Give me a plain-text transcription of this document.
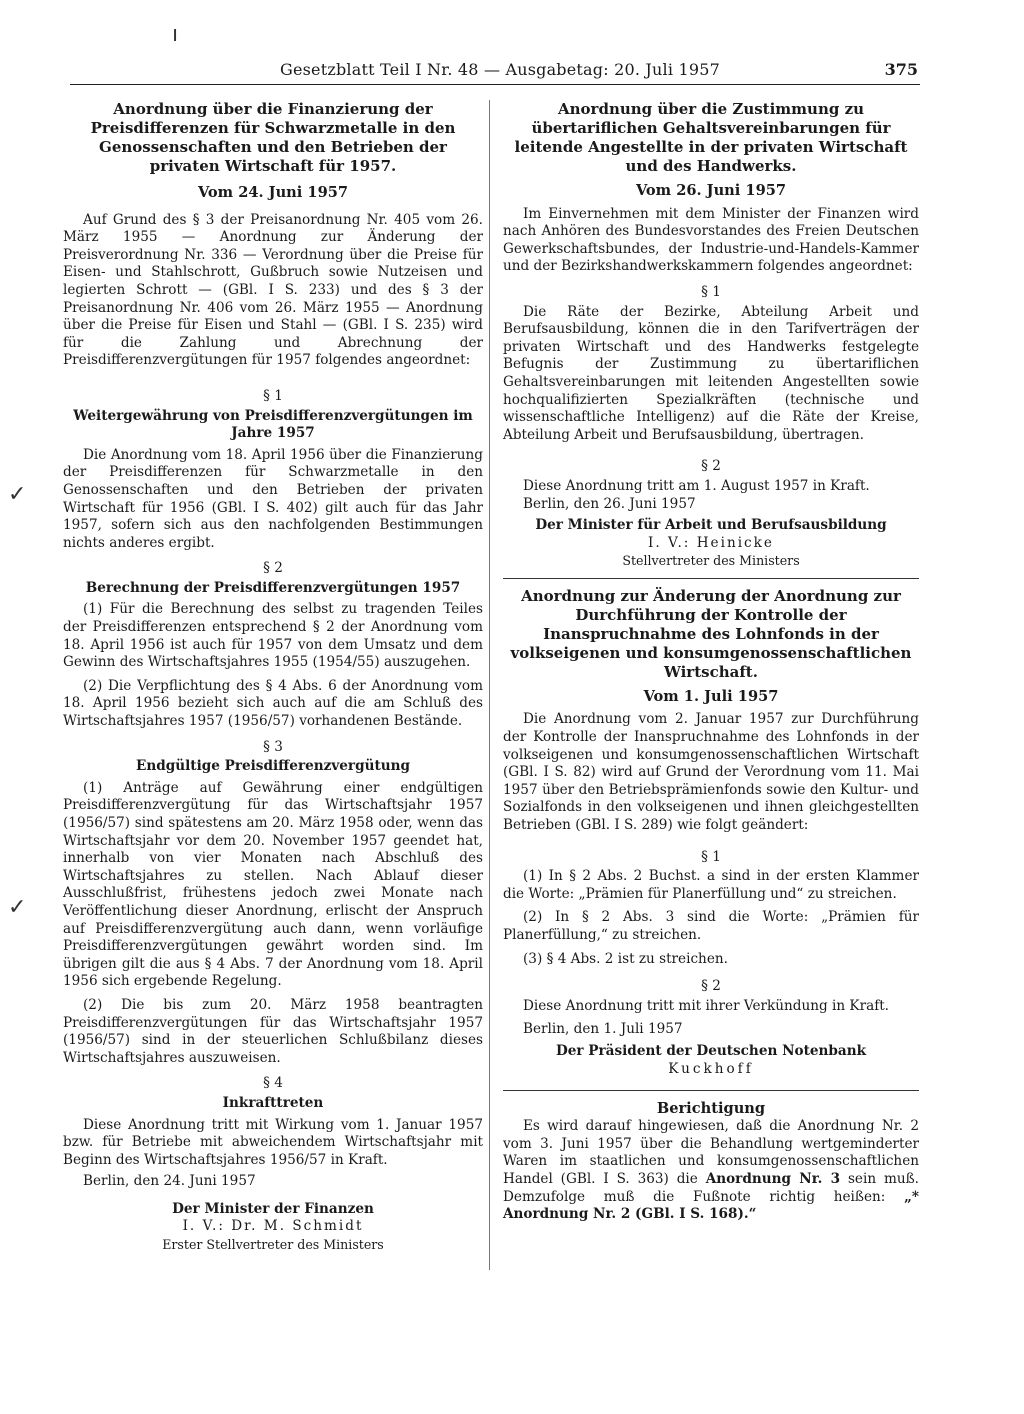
Gesetzblatt Teil I Nr. 48 — Ausgabetag: 20. Juli 1957	375
ı
✓
✓
Anordnung über die Finanzierung der Preisdifferenzen für Schwarzmetalle in den Genossenschaften und den Betrieben der privaten Wirtschaft für 1957.
Vom 24. Juni 1957

Auf Grund des § 3 der Preisanordnung Nr. 405 vom 26. März 1955 — Anordnung zur Änderung der Preisverordnung Nr. 336 — Verordnung über die Preise für Eisen- und Stahlschrott, Gußbruch sowie Nutzeisen und legierten Schrott — (GBl. I S. 233) und des § 3 der Preisanordnung Nr. 406 vom 26. März 1955 — Anordnung über die Preise für Eisen und Stahl — (GBl. I S. 235) wird für die Zahlung und Abrechnung der Preisdifferenzvergütungen für 1957 folgendes angeordnet:

§ 1
Weitergewährung von Preisdifferenzvergütungen im Jahre 1957

Die Anordnung vom 18. April 1956 über die Finanzierung der Preisdifferenzen für Schwarzmetalle in den Genossenschaften und den Betrieben der privaten Wirtschaft für 1956 (GBl. I S. 402) gilt auch für das Jahr 1957, sofern sich aus den nachfolgenden Bestimmungen nichts anderes ergibt.

§ 2
Berechnung der Preisdifferenzvergütungen 1957

(1) Für die Berechnung des selbst zu tragenden Teiles der Preisdifferenzen entsprechend § 2 der Anordnung vom 18. April 1956 ist auch für 1957 von dem Umsatz und dem Gewinn des Wirtschaftsjahres 1955 (1954/55) auszugehen.

(2) Die Verpflichtung des § 4 Abs. 6 der Anordnung vom 18. April 1956 bezieht sich auch auf die am Schluß des Wirtschaftsjahres 1957 (1956/57) vorhandenen Bestände.

§ 3
Endgültige Preisdifferenzvergütung

(1) Anträge auf Gewährung einer endgültigen Preisdifferenzvergütung für das Wirtschaftsjahr 1957 (1956/57) sind spätestens am 20. März 1958 oder, wenn das Wirtschaftsjahr vor dem 20. November 1957 geendet hat, innerhalb von vier Monaten nach Abschluß des Wirtschaftsjahres zu stellen. Nach Ablauf dieser Ausschlußfrist, frühestens jedoch zwei Monate nach Veröffentlichung dieser Anordnung, erlischt der Anspruch auf Preisdifferenzvergütung auch dann, wenn vorläufige Preisdifferenzvergütungen gewährt worden sind. Im übrigen gilt die aus § 4 Abs. 7 der Anordnung vom 18. April 1956 sich ergebende Regelung.

(2) Die bis zum 20. März 1958 beantragten Preisdifferenzvergütungen für das Wirtschaftsjahr 1957 (1956/57) sind in der steuerlichen Schlußbilanz dieses Wirtschaftsjahres auszuweisen.

§ 4
Inkrafttreten

Diese Anordnung tritt mit Wirkung vom 1. Januar 1957 bzw. für Betriebe mit abweichendem Wirtschaftsjahr mit Beginn des Wirtschaftsjahres 1956/57 in Kraft.

Berlin, den 24. Juni 1957
Der Minister der Finanzen
I. V.: Dr. M. Schmidt
Erster Stellvertreter des Ministers
Anordnung über die Zustimmung zu übertariflichen Gehaltsvereinbarungen für leitende Angestellte in der privaten Wirtschaft und des Handwerks.
Vom 26. Juni 1957

Im Einvernehmen mit dem Minister der Finanzen wird nach Anhören des Bundesvorstandes des Freien Deutschen Gewerkschaftsbundes, der Industrie-und-Handels-Kammer und der Bezirkshandwerkskammern folgendes angeordnet:

§ 1

Die Räte der Bezirke, Abteilung Arbeit und Berufsausbildung, können die in den Tarifverträgen der privaten Wirtschaft und des Handwerks festgelegte Befugnis der Zustimmung zu übertariflichen Gehaltsvereinbarungen mit leitenden Angestellten sowie hochqualifizierten Spezialkräften (technische und wissenschaftliche Intelligenz) auf die Räte der Kreise, Abteilung Arbeit und Berufsausbildung, übertragen.

§ 2

Diese Anordnung tritt am 1. August 1957 in Kraft.

Berlin, den 26. Juni 1957
Der Minister für Arbeit und Berufsausbildung
I. V.: Heinicke
Stellvertreter des Ministers
Anordnung zur Änderung der Anordnung zur Durchführung der Kontrolle der Inanspruchnahme des Lohnfonds in der volkseigenen und konsumgenossenschaftlichen Wirtschaft.
Vom 1. Juli 1957

Die Anordnung vom 2. Januar 1957 zur Durchführung der Kontrolle der Inanspruchnahme des Lohnfonds in der volkseigenen und konsumgenossenschaftlichen Wirtschaft (GBl. I S. 82) wird auf Grund der Verordnung vom 11. Mai 1957 über den Betriebsprämienfonds sowie den Kultur- und Sozialfonds in den volkseigenen und ihnen gleichgestellten Betrieben (GBl. I S. 289) wie folgt geändert:

§ 1

(1) In § 2 Abs. 2 Buchst. a sind in der ersten Klammer die Worte: „Prämien für Planerfüllung und“ zu streichen.

(2) In § 2 Abs. 3 sind die Worte: „Prämien für Planerfüllung,“ zu streichen.

(3) § 4 Abs. 2 ist zu streichen.

§ 2

Diese Anordnung tritt mit ihrer Verkündung in Kraft.

Berlin, den 1. Juli 1957
Der Präsident der Deutschen Notenbank
Kuckhoff
Berichtigung

Es wird darauf hingewiesen, daß die Anordnung Nr. 2 vom 3. Juni 1957 über die Behandlung wertgeminderter Waren im staatlichen und konsumgenossenschaftlichen Handel (GBl. I S. 363) die Anordnung Nr. 3 sein muß. Demzufolge muß die Fußnote richtig heißen: „* Anordnung Nr. 2 (GBl. I S. 168).“
